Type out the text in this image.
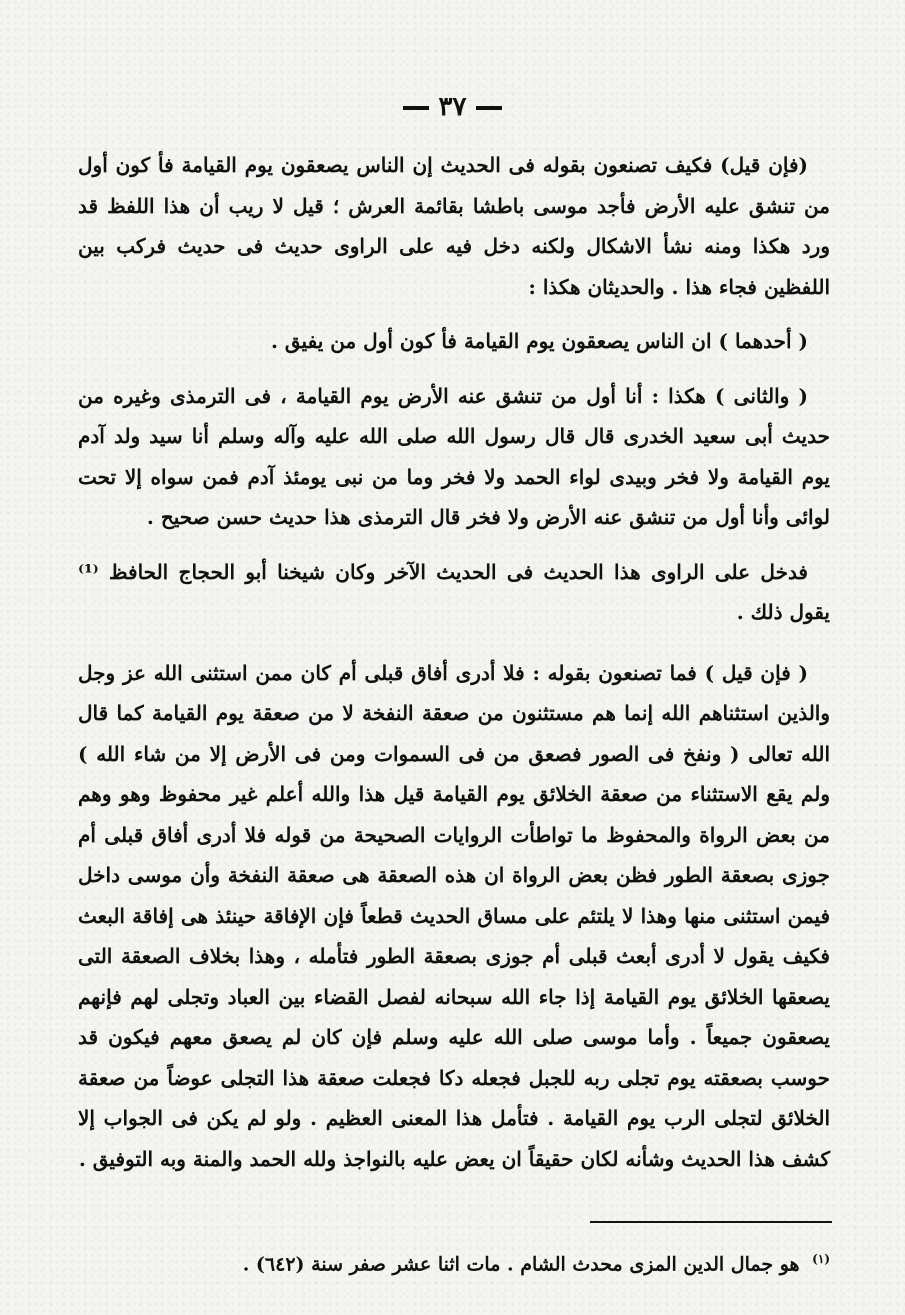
٣٧

(فإن قيل) فكيف تصنعون بقوله فى الحديث إن الناس يصعقون يوم القيامة فأ كون أول من تنشق عليه الأرض فأجد موسى باطشا بقائمة العرش ؛ قيل لا ريب أن هذا اللفظ قد ورد هكذا ومنه نشأ الاشكال ولكنه دخل فيه على الراوى حديث فى حديث فركب بين اللفظين فجاء هذا . والحديثان هكذا :

( أحدهما ) ان الناس يصعقون يوم القيامة فأ كون أول من يفيق .

( والثانى ) هكذا : أنا أول من تنشق عنه الأرض يوم القيامة ، فى الترمذى وغيره من حديث أبى سعيد الخدرى قال قال رسول الله صلى الله عليه وآله وسلم أنا سيد ولد آدم يوم القيامة ولا فخر وبيدى لواء الحمد ولا فخر وما من نبى يومئذ آدم فمن سواه إلا تحت لوائى وأنا أول من تنشق عنه الأرض ولا فخر قال الترمذى هذا حديث حسن صحيح .

فدخل على الراوى هذا الحديث فى الحديث الآخر وكان شيخنا أبو الحجاج الحافظ ⁽¹⁾ يقول ذلك .

( فإن قيل ) فما تصنعون بقوله : فلا أدرى أفاق قبلى أم كان ممن استثنى الله عز وجل والذين استثناهم الله إنما هم مستثنون من صعقة النفخة لا من صعقة يوم القيامة كما قال الله تعالى ( ونفخ فى الصور فصعق من فى السموات ومن فى الأرض إلا من شاء الله ) ولم يقع الاستثناء من صعقة الخلائق يوم القيامة قيل هذا والله أعلم غير محفوظ وهو وهم من بعض الرواة والمحفوظ ما تواطأت الروايات الصحيحة من قوله فلا أدرى أفاق قبلى أم جوزى بصعقة الطور فظن بعض الرواة ان هذه الصعقة هى صعقة النفخة وأن موسى داخل فيمن استثنى منها وهذا لا يلتئم على مساق الحديث قطعاً فإن الإفاقة حينئذ هى إفاقة البعث فكيف يقول لا أدرى أبعث قبلى أم جوزى بصعقة الطور فتأمله ، وهذا بخلاف الصعقة التى يصعقها الخلائق يوم القيامة إذا جاء الله سبحانه لفصل القضاء بين العباد وتجلى لهم فإنهم يصعقون جميعاً . وأما موسى صلى الله عليه وسلم فإن كان لم يصعق معهم فيكون قد حوسب بصعقته يوم تجلى ربه للجبل فجعله دكا فجعلت صعقة هذا التجلى عوضاً من صعقة الخلائق لتجلى الرب يوم القيامة . فتأمل هذا المعنى العظيم . ولو لم يكن فى الجواب إلا كشف هذا الحديث وشأنه لكان حقيقاً ان يعض عليه بالنواجذ ولله الحمد والمنة وبه التوفيق .

$^{(١)}$ هو جمال الدين المزى محدث الشام . مات اثنا عشر صفر سنة (٦٤٢) .
